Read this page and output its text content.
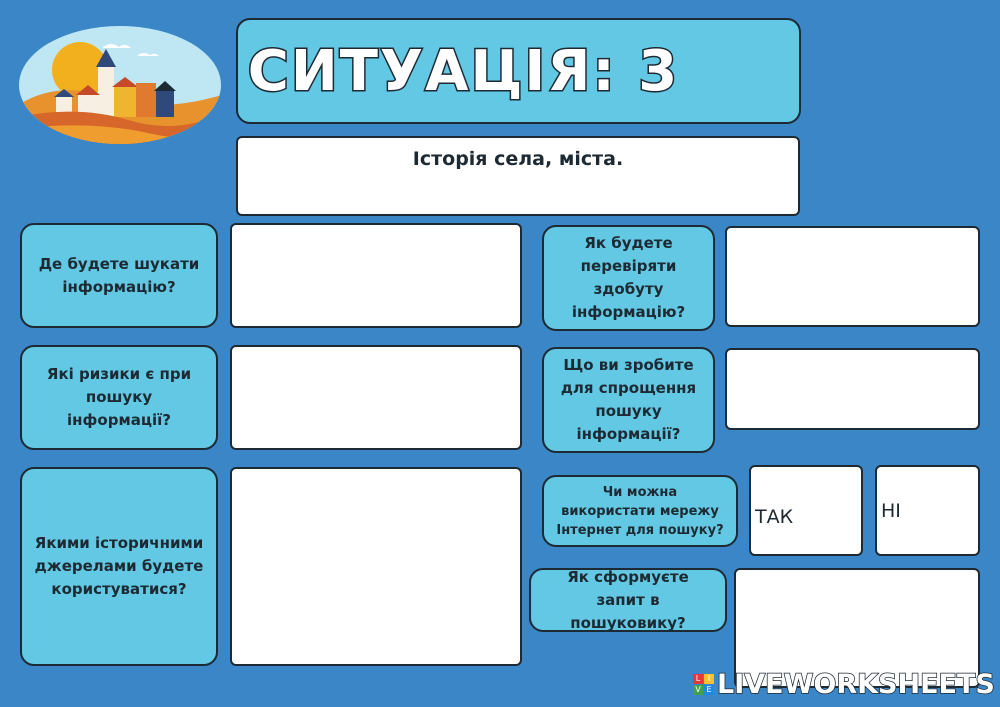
СИТУАЦІЯ: 3
Історія села, міста.
Де будете шукати інформацію?
Які ризики є при пошуку інформації?
Якими історичними джерелами будете користуватися?
Як будете перевіряти здобуту інформацію?
Що ви зробите для спрощення пошуку інформації?
Чи можна використати мережу Інтернет для пошуку?
ТАК	НІ
Як сформуєте запит в пошуковику?
L I
V E LIVEWORKSHEETS
